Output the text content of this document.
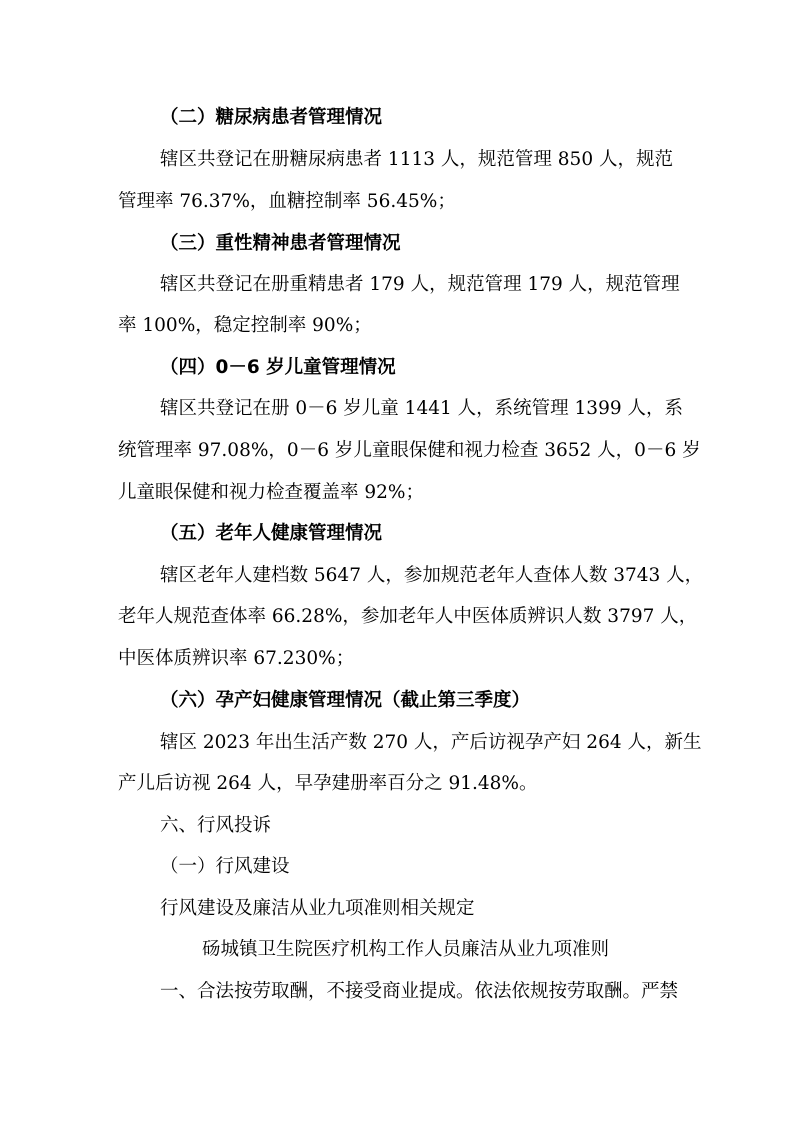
（二）糖尿病患者管理情况
辖区共登记在册糖尿病患者 1113 人，规范管理 850 人，规范
管理率 76.37%，血糖控制率 56.45%；
（三）重性精神患者管理情况
辖区共登记在册重精患者 179 人，规范管理 179 人，规范管理
率 100%，稳定控制率 90%；
（四）0－6 岁儿童管理情况
辖区共登记在册 0－6 岁儿童 1441 人，系统管理 1399 人，系
统管理率 97.08%，0－6 岁儿童眼保健和视力检查 3652 人，0－6 岁
儿童眼保健和视力检查覆盖率 92%；
（五）老年人健康管理情况
辖区老年人建档数 5647 人，参加规范老年人查体人数 3743 人，
老年人规范查体率 66.28%，参加老年人中医体质辨识人数 3797 人，
中医体质辨识率 67.230%；
（六）孕产妇健康管理情况（截止第三季度）
辖区 2023 年出生活产数 270 人，产后访视孕产妇 264 人，新生
产儿后访视 264 人，早孕建册率百分之 91.48%。
六、行风投诉
（一）行风建设
行风建设及廉洁从业九项准则相关规定
砀城镇卫生院医疗机构工作人员廉洁从业九项准则
一、合法按劳取酬，不接受商业提成。依法依规按劳取酬。严禁
